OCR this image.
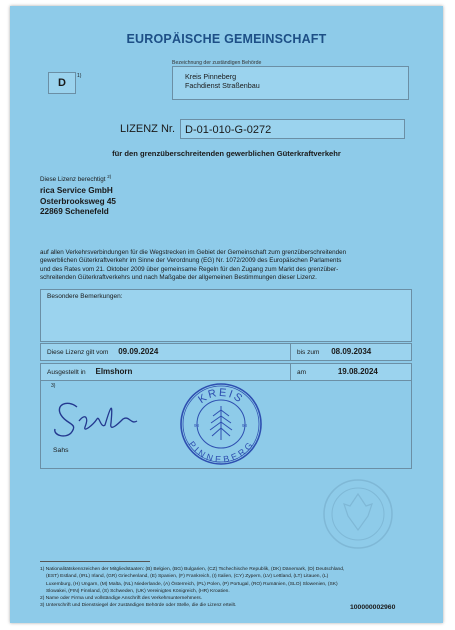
EUROPÄISCHE GEMEINSCHAFT
D
1)
Bezeichnung der zuständigen Behörde
Kreis Pinneberg
Fachdienst Straßenbau
LIZENZ Nr. D-01-010-G-0272
für den grenzüberschreitenden gewerblichen Güterkraftverkehr
Diese Lizenz berechtigt $^{2)}$
rica Service GmbH
Osterbrooksweg 45
22869 Schenefeld
auf allen Verkehrsverbindungen für die Wegstrecken im Gebiet der Gemeinschaft zum grenzüberschreitenden
gewerblichen Güterkraftverkehr im Sinne der Verordnung (EG) Nr. 1072/2009 des Europäischen Parlaments
und des Rates vom 21. Oktober 2009 über gemeinsame Regeln für den Zugang zum Markt des grenzüber-
schreitenden Güterkraftverkehrs und nach Maßgabe der allgemeinen Bestimmungen dieser Lizenz.
Besondere Bemerkungen:
Diese Lizenz gilt vom 09.09.2024	bis zum 08.09.2034
Ausgestellt in Elmshorn	am	19.08.2024
3)
Sahs
KREIS
PINNEBERG
98	98
1) Nationalitätskennzeichen der Mitgliedstaaten: (B) Belgien, (BG) Bulgarien, (CZ) Tschechische Republik, (DK) Dänemark, (D) Deutschland,
(EST) Estland, (IRL) Irland, (GR) Griechenland, (E) Spanien, (F) Frankreich, (I) Italien, (CY) Zypern, (LV) Lettland, (LT) Litauen, (L)
Luxemburg, (H) Ungarn, (M) Malta, (NL) Niederlande, (A) Österreich, (PL) Polen, (P) Portugal, (RO) Rumänien, (SLO) Slowenien, (SK)
Slowakei, (FIN) Finnland, (S) Schweden, (UK) Vereinigtes Königreich, (HR) Kroatien.
2) Name oder Firma und vollständige Anschrift des Verkehrsunternehmers.
3) Unterschrift und Dienstsiegel der zuständigen Behörde oder Stelle, die die Lizenz erteilt.	100000002960
